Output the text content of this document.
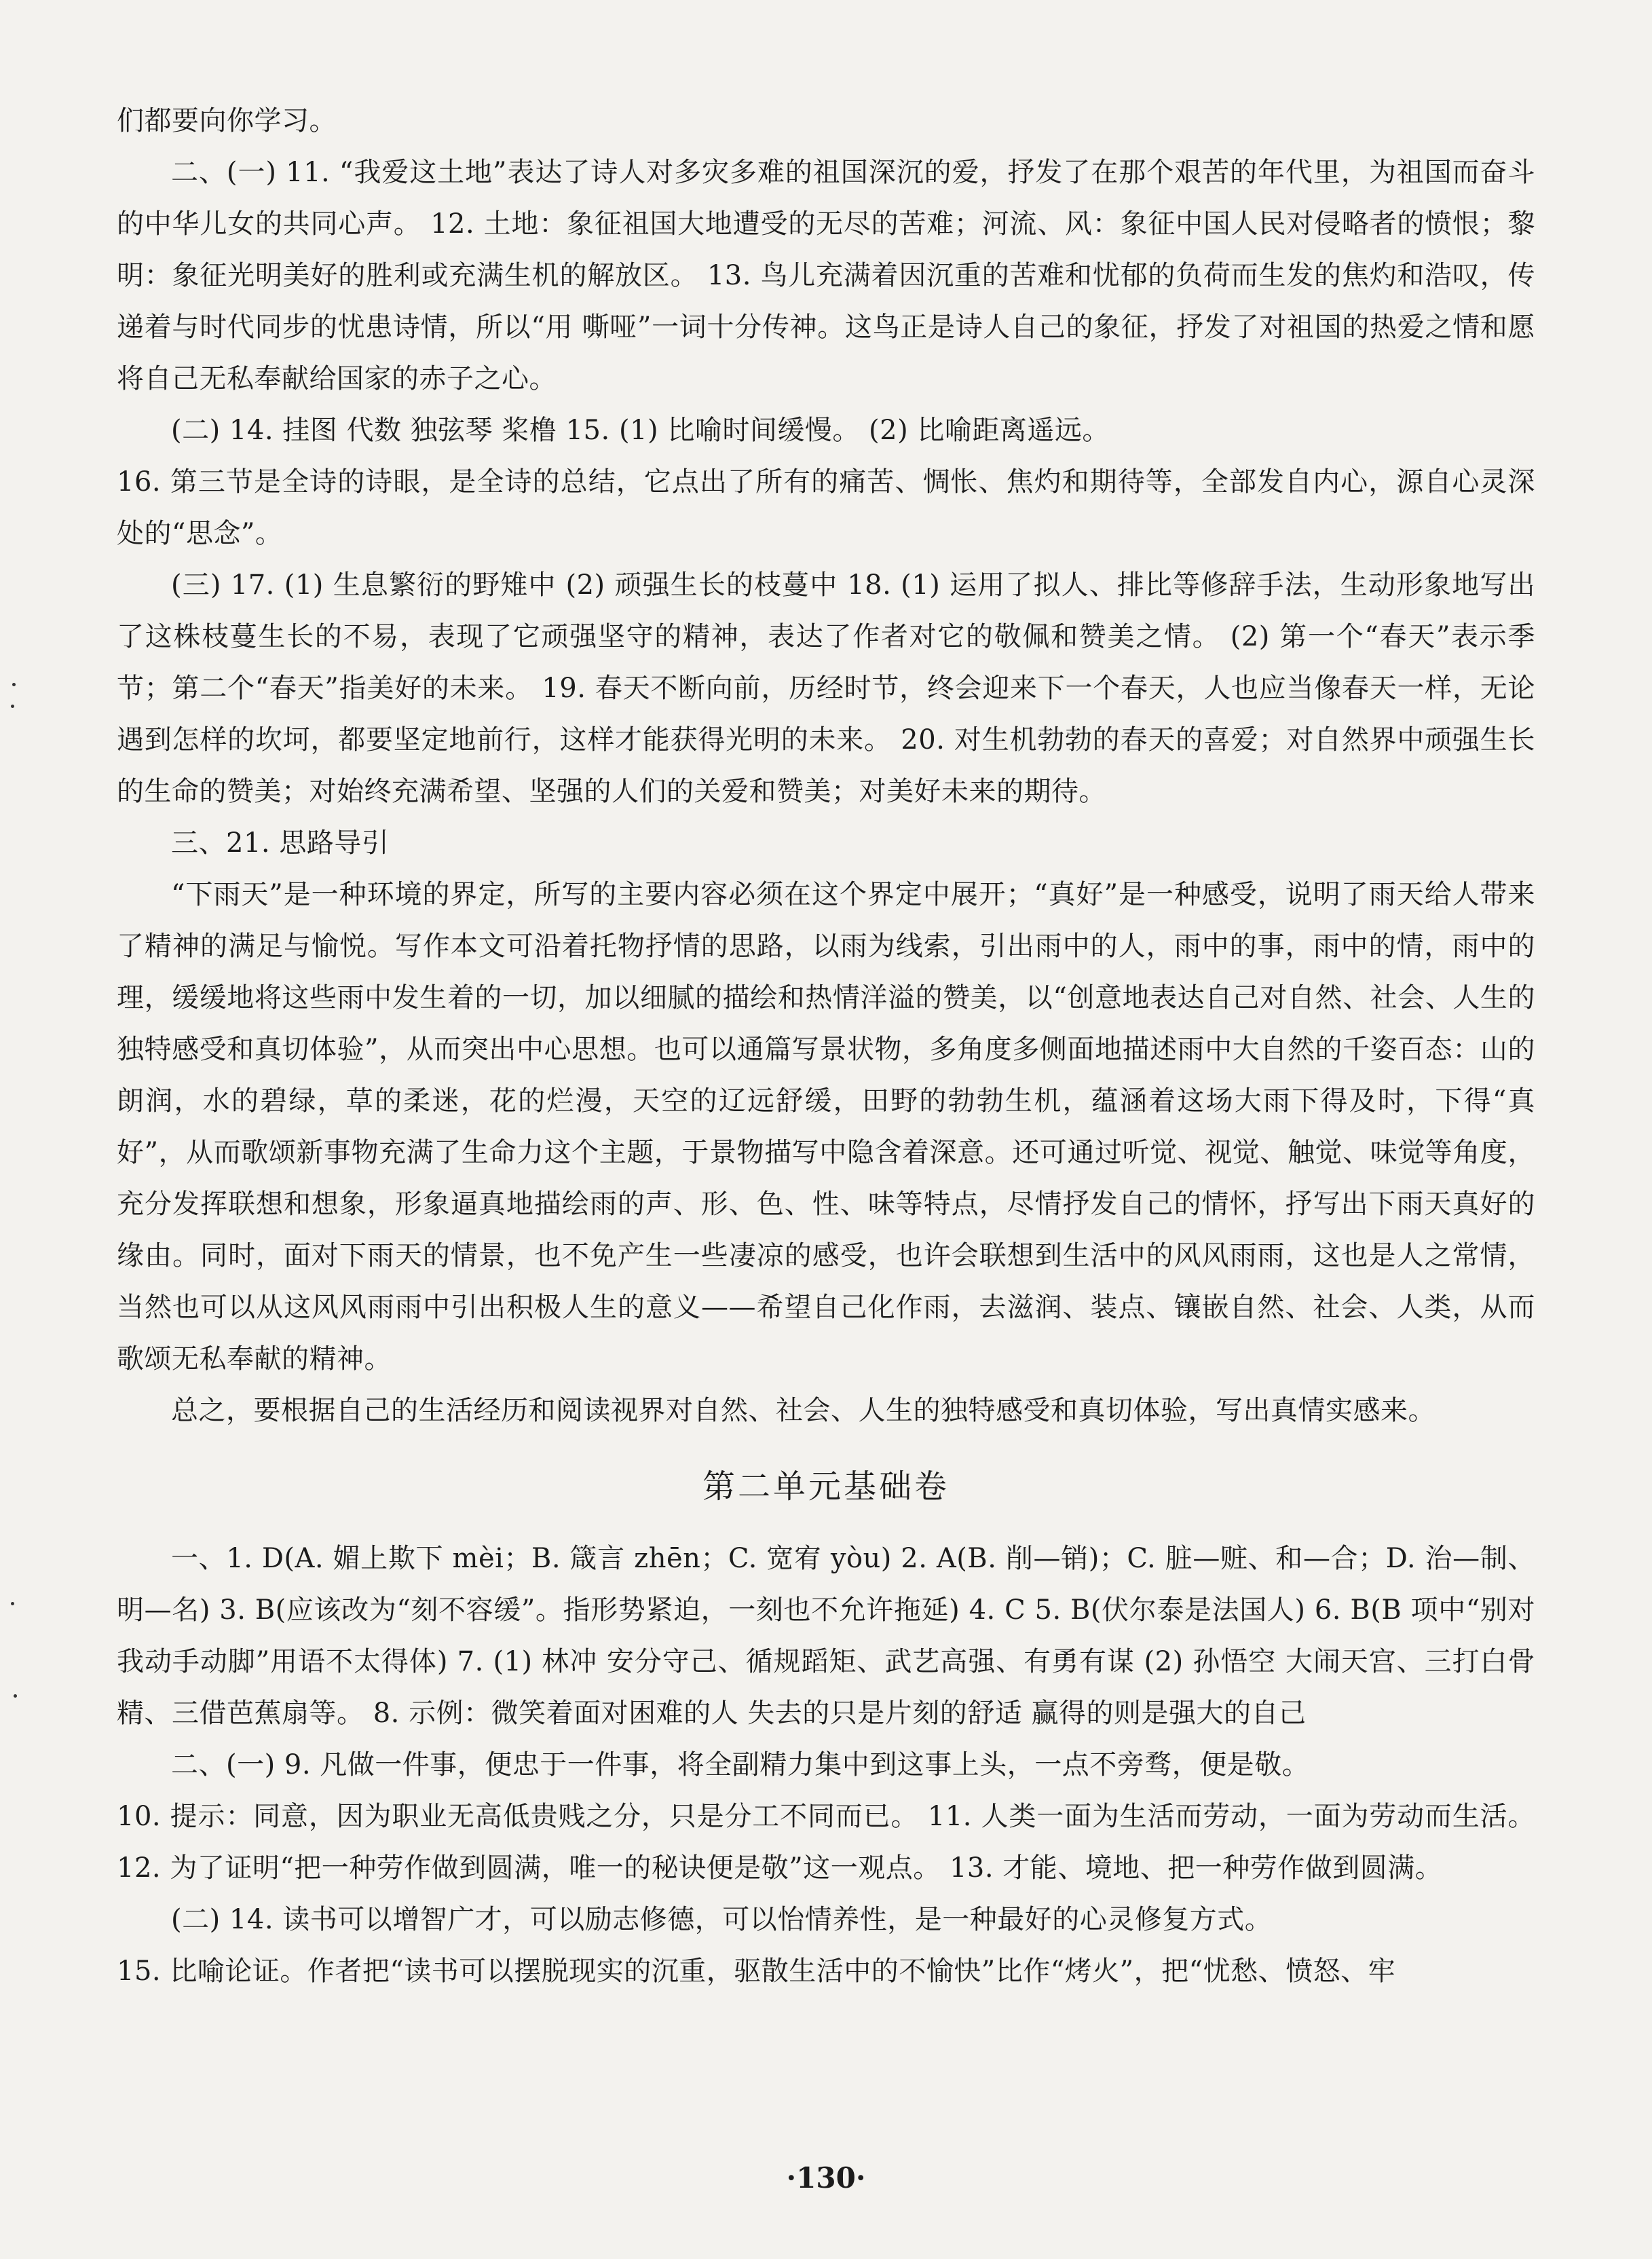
们都要向你学习。

二、(一) 11. “我爱这土地”表达了诗人对多灾多难的祖国深沉的爱，抒发了在那个艰苦的年代里，为祖国而奋斗的中华儿女的共同心声。 12. 土地：象征祖国大地遭受的无尽的苦难；河流、风：象征中国人民对侵略者的愤恨；黎明：象征光明美好的胜利或充满生机的解放区。 13. 鸟儿充满着因沉重的苦难和忧郁的负荷而生发的焦灼和浩叹，传递着与时代同步的忧患诗情，所以“用 嘶哑”一词十分传神。这鸟正是诗人自己的象征，抒发了对祖国的热爱之情和愿将自己无私奉献给国家的赤子之心。

(二) 14. 挂图 代数 独弦琴 桨橹 15. (1) 比喻时间缓慢。 (2) 比喻距离遥远。

16. 第三节是全诗的诗眼，是全诗的总结，它点出了所有的痛苦、惆怅、焦灼和期待等，全部发自内心，源自心灵深处的“思念”。

(三) 17. (1) 生息繁衍的野雉中 (2) 顽强生长的枝蔓中 18. (1) 运用了拟人、排比等修辞手法，生动形象地写出了这株枝蔓生长的不易，表现了它顽强坚守的精神，表达了作者对它的敬佩和赞美之情。 (2) 第一个“春天”表示季节；第二个“春天”指美好的未来。 19. 春天不断向前，历经时节，终会迎来下一个春天，人也应当像春天一样，无论遇到怎样的坎坷，都要坚定地前行，这样才能获得光明的未来。 20. 对生机勃勃的春天的喜爱；对自然界中顽强生长的生命的赞美；对始终充满希望、坚强的人们的关爱和赞美；对美好未来的期待。

三、21. 思路导引

“下雨天”是一种环境的界定，所写的主要内容必须在这个界定中展开；“真好”是一种感受，说明了雨天给人带来了精神的满足与愉悦。写作本文可沿着托物抒情的思路，以雨为线索，引出雨中的人，雨中的事，雨中的情，雨中的理，缓缓地将这些雨中发生着的一切，加以细腻的描绘和热情洋溢的赞美，以“创意地表达自己对自然、社会、人生的独特感受和真切体验”，从而突出中心思想。也可以通篇写景状物，多角度多侧面地描述雨中大自然的千姿百态：山的朗润，水的碧绿，草的柔迷，花的烂漫，天空的辽远舒缓，田野的勃勃生机，蕴涵着这场大雨下得及时，下得“真好”，从而歌颂新事物充满了生命力这个主题，于景物描写中隐含着深意。还可通过听觉、视觉、触觉、味觉等角度，充分发挥联想和想象，形象逼真地描绘雨的声、形、色、性、味等特点，尽情抒发自己的情怀，抒写出下雨天真好的缘由。同时，面对下雨天的情景，也不免产生一些凄凉的感受，也许会联想到生活中的风风雨雨，这也是人之常情，当然也可以从这风风雨雨中引出积极人生的意义——希望自己化作雨，去滋润、装点、镶嵌自然、社会、人类，从而歌颂无私奉献的精神。

总之，要根据自己的生活经历和阅读视界对自然、社会、人生的独特感受和真切体验，写出真情实感来。

第二单元基础卷

一、1. D(A. 媚上欺下 mèi；B. 箴言 zhēn；C. 宽宥 yòu) 2. A(B. 削—销)；C. 脏—赃、和—合；D. 治—制、明—名) 3. B(应该改为“刻不容缓”。指形势紧迫，一刻也不允许拖延) 4. C 5. B(伏尔泰是法国人) 6. B(B 项中“别对我动手动脚”用语不太得体) 7. (1) 林冲 安分守己、循规蹈矩、武艺高强、有勇有谋 (2) 孙悟空 大闹天宫、三打白骨精、三借芭蕉扇等。 8. 示例：微笑着面对困难的人 失去的只是片刻的舒适 赢得的则是强大的自己

二、(一) 9. 凡做一件事，便忠于一件事，将全副精力集中到这事上头，一点不旁骛，便是敬。

10. 提示：同意，因为职业无高低贵贱之分，只是分工不同而已。 11. 人类一面为生活而劳动，一面为劳动而生活。 12. 为了证明“把一种劳作做到圆满，唯一的秘诀便是敬”这一观点。 13. 才能、境地、把一种劳作做到圆满。

(二) 14. 读书可以增智广才，可以励志修德，可以怡情养性，是一种最好的心灵修复方式。

15. 比喻论证。作者把“读书可以摆脱现实的沉重，驱散生活中的不愉快”比作“烤火”，把“忧愁、愤怒、牢

·130·
